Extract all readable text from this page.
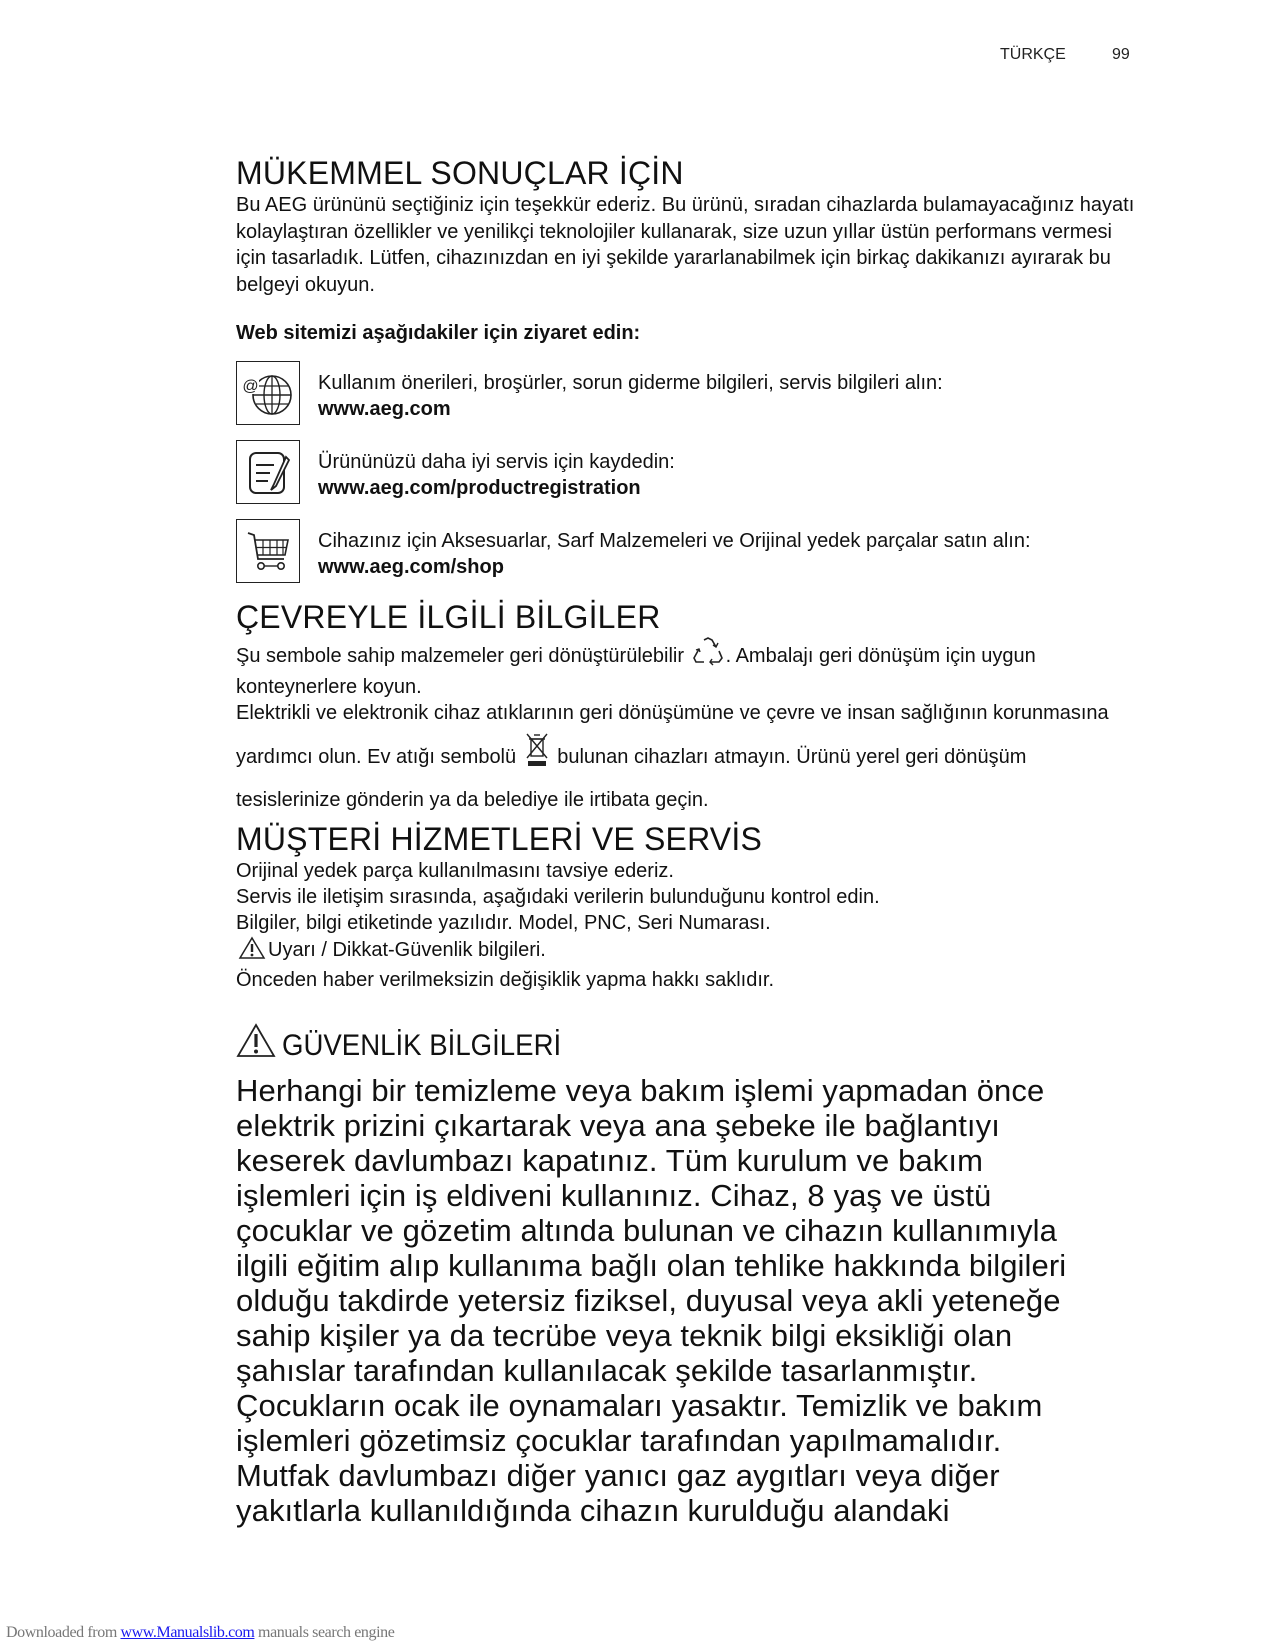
TÜRKÇE	99
MÜKEMMEL SONUÇLAR İÇİN

Bu AEG ürününü seçtiğiniz için teşekkür ederiz. Bu ürünü, sıradan cihazlarda bulamayacağınız hayatı kolaylaştıran özellikler ve yenilikçi teknolojiler kullanarak, size uzun yıllar üstün performans vermesi için tasarladık. Lütfen, cihazınızdan en iyi şekilde yararlanabilmek için birkaç dakikanızı ayırarak bu belgeyi okuyun.

Web sitemizi aşağıdakiler için ziyaret edin:
@	Kullanım önerileri, broşürler, sorun giderme bilgileri, servis bilgileri alın:
www.aeg.com
Ürününüzü daha iyi servis için kaydedin:
www.aeg.com/productregistration
Cihazınız için Aksesuarlar, Sarf Malzemeleri ve Orijinal yedek parçalar satın alın:
www.aeg.com/shop
ÇEVREYLE İLGİLİ BİLGİLER

Şu sembole sahip malzemeler geri dönüştürülebilir . Ambalajı geri dönüşüm için uygun konteynerlere koyun.

Elektrikli ve elektronik cihaz atıklarının geri dönüşümüne ve çevre ve insan sağlığının korunmasına yardımcı olun. Ev atığı sembolü  bulunan cihazları atmayın. Ürünü yerel geri dönüşüm tesislerinize gönderin ya da belediye ile irtibata geçin.

MÜŞTERİ HİZMETLERİ VE SERVİS

Orijinal yedek parça kullanılmasını tavsiye ederiz.

Servis ile iletişim sırasında, aşağıdaki verilerin bulunduğunu kontrol edin.

Bilgiler, bilgi etiketinde yazılıdır. Model, PNC, Seri Numarası.

Uyarı / Dikkat-Güvenlik bilgileri.

Önceden haber verilmeksizin değişiklik yapma hakkı saklıdır.

GÜVENLİK BİLGİLERİ

Herhangi bir temizleme veya bakım işlemi yapmadan önce
elektrik prizini çıkartarak veya ana şebeke ile bağlantıyı
keserek davlumbazı kapatınız. Tüm kurulum ve bakım
işlemleri için iş eldiveni kullanınız. Cihaz, 8 yaş ve üstü
çocuklar ve gözetim altında bulunan ve cihazın kullanımıyla
ilgili eğitim alıp kullanıma bağlı olan tehlike hakkında bilgileri
olduğu takdirde yetersiz fiziksel, duyusal veya akli yeteneğe
sahip kişiler ya da tecrübe veya teknik bilgi eksikliği olan
şahıslar tarafından kullanılacak şekilde tasarlanmıştır.
Çocukların ocak ile oynamaları yasaktır. Temizlik ve bakım
işlemleri gözetimsiz çocuklar tarafından yapılmamalıdır.
Mutfak davlumbazı diğer yanıcı gaz aygıtları veya diğer
yakıtlarla kullanıldığında cihazın kurulduğu alandaki

Downloaded from www.Manualslib.com manuals search engine
